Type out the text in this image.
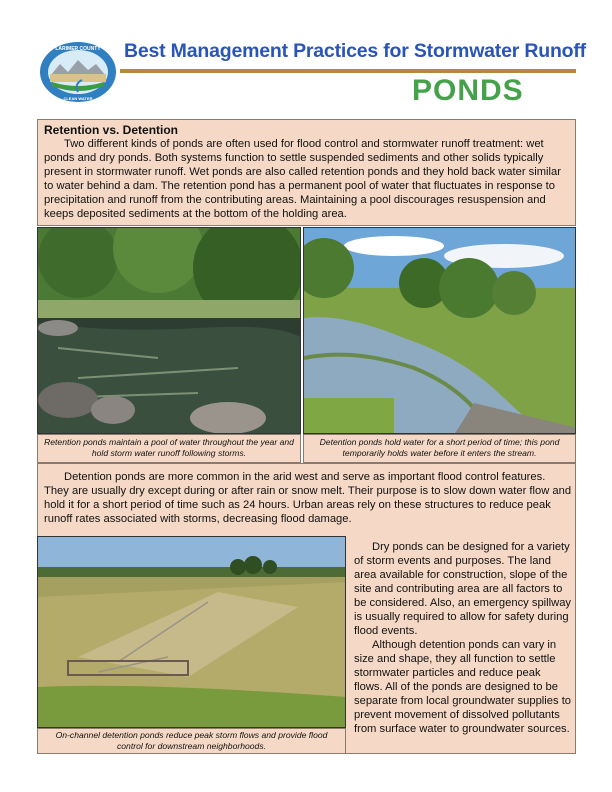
LARIMER COUNTY
CLEAN WATER
Best Management Practices for Stormwater Runoff
PONDS
Retention vs. Detention
Two different kinds of ponds are often used for flood control and stormwater runoff treatment: wet ponds and dry ponds. Both systems function to settle suspended sediments and other solids typically present in stormwater runoff. Wet ponds are also called retention ponds and they hold back water similar to water behind a dam. The retention pond has a permanent pool of water that fluctuates in response to precipitation and runoff from the contributing areas. Maintaining a pool discourages resuspension and keeps deposited sediments at the bottom of the holding area.
Retention ponds maintain a pool of water throughout the year and hold storm water runoff following storms.
Detention ponds hold water for a short period of time; this pond temporarily holds water before it enters the stream.
Detention ponds are more common in the arid west and serve as important flood control features. They are usually dry except during or after rain or snow melt. Their purpose is to slow down water flow and hold it for a short period of time such as 24 hours. Urban areas rely on these structures to reduce peak runoff rates associated with storms, decreasing flood damage.
On-channel detention ponds reduce peak storm flows and provide flood control for downstream neighborhoods.

Dry ponds can be designed for a variety of storm events and purposes. The land area available for construction, slope of the site and contributing area are all factors to be considered. Also, an emergency spillway is usually required to allow for safety during flood events.

Although detention ponds can vary in size and shape, they all function to settle stormwater particles and reduce peak flows. All of the ponds are designed to be separate from local groundwater supplies to prevent movement of dissolved pollutants from surface water to groundwater sources.
